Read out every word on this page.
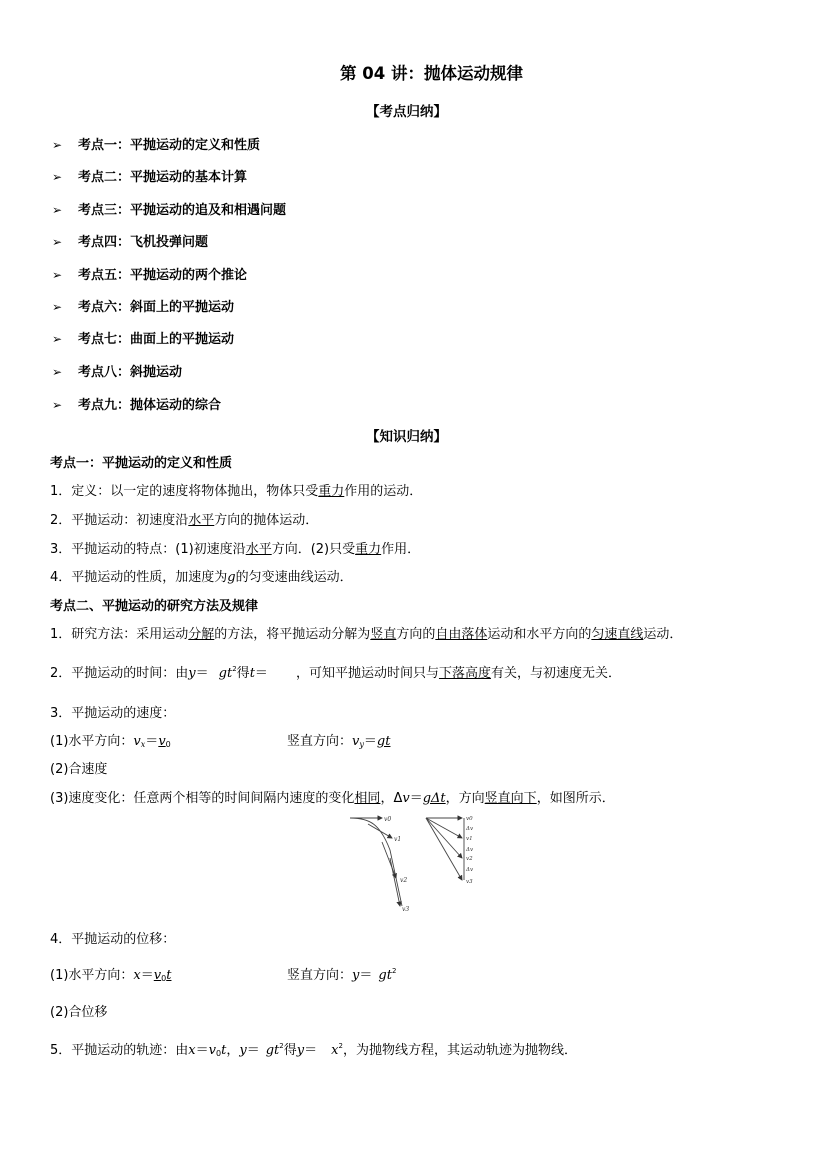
第 04 讲：抛体运动规律
【考点归纳】
➢ 考点一：平抛运动的定义和性质
➢ 考点二：平抛运动的基本计算
➢ 考点三：平抛运动的追及和相遇问题
➢ 考点四：飞机投弹问题
➢ 考点五：平抛运动的两个推论
➢ 考点六：斜面上的平抛运动
➢ 考点七：曲面上的平抛运动
➢ 考点八：斜抛运动
➢ 考点九：抛体运动的综合
【知识归纳】
考点一：平抛运动的定义和性质
1．定义：以一定的速度将物体抛出，物体只受重力作用的运动．
2．平抛运动：初速度沿水平方向的抛体运动．
3．平抛运动的特点：(1)初速度沿水平方向．(2)只受重力作用．
4．平抛运动的性质，加速度为g的匀变速曲线运动．
考点二、平抛运动的研究方法及规律
1．研究方法：采用运动分解的方法，将平抛运动分解为竖直方向的自由落体运动和水平方向的匀速直线运动．
2．平抛运动的时间：由$y= gt^2$得t＝ ，可知平抛运动时间只与下落高度有关，与初速度无关．
3．平抛运动的速度：
(1)水平方向：vx＝v0	竖直方向：vy＝gt
(2)合速度
(3)速度变化：任意两个相等的时间间隔内速度的变化相同，Δv＝gΔt，方向竖直向下，如图所示．
v0
v1
v2
v3
v0
Δv
v1
Δv
v2
Δv
v3
4．平抛运动的位移：
(1)水平方向：x＝v0t	竖直方向：$y= gt^2$
(2)合位移
5．平抛运动的轨迹：由x＝v0t，$y= gt^2$得$y= x^2$，为抛物线方程，其运动轨迹为抛物线．
